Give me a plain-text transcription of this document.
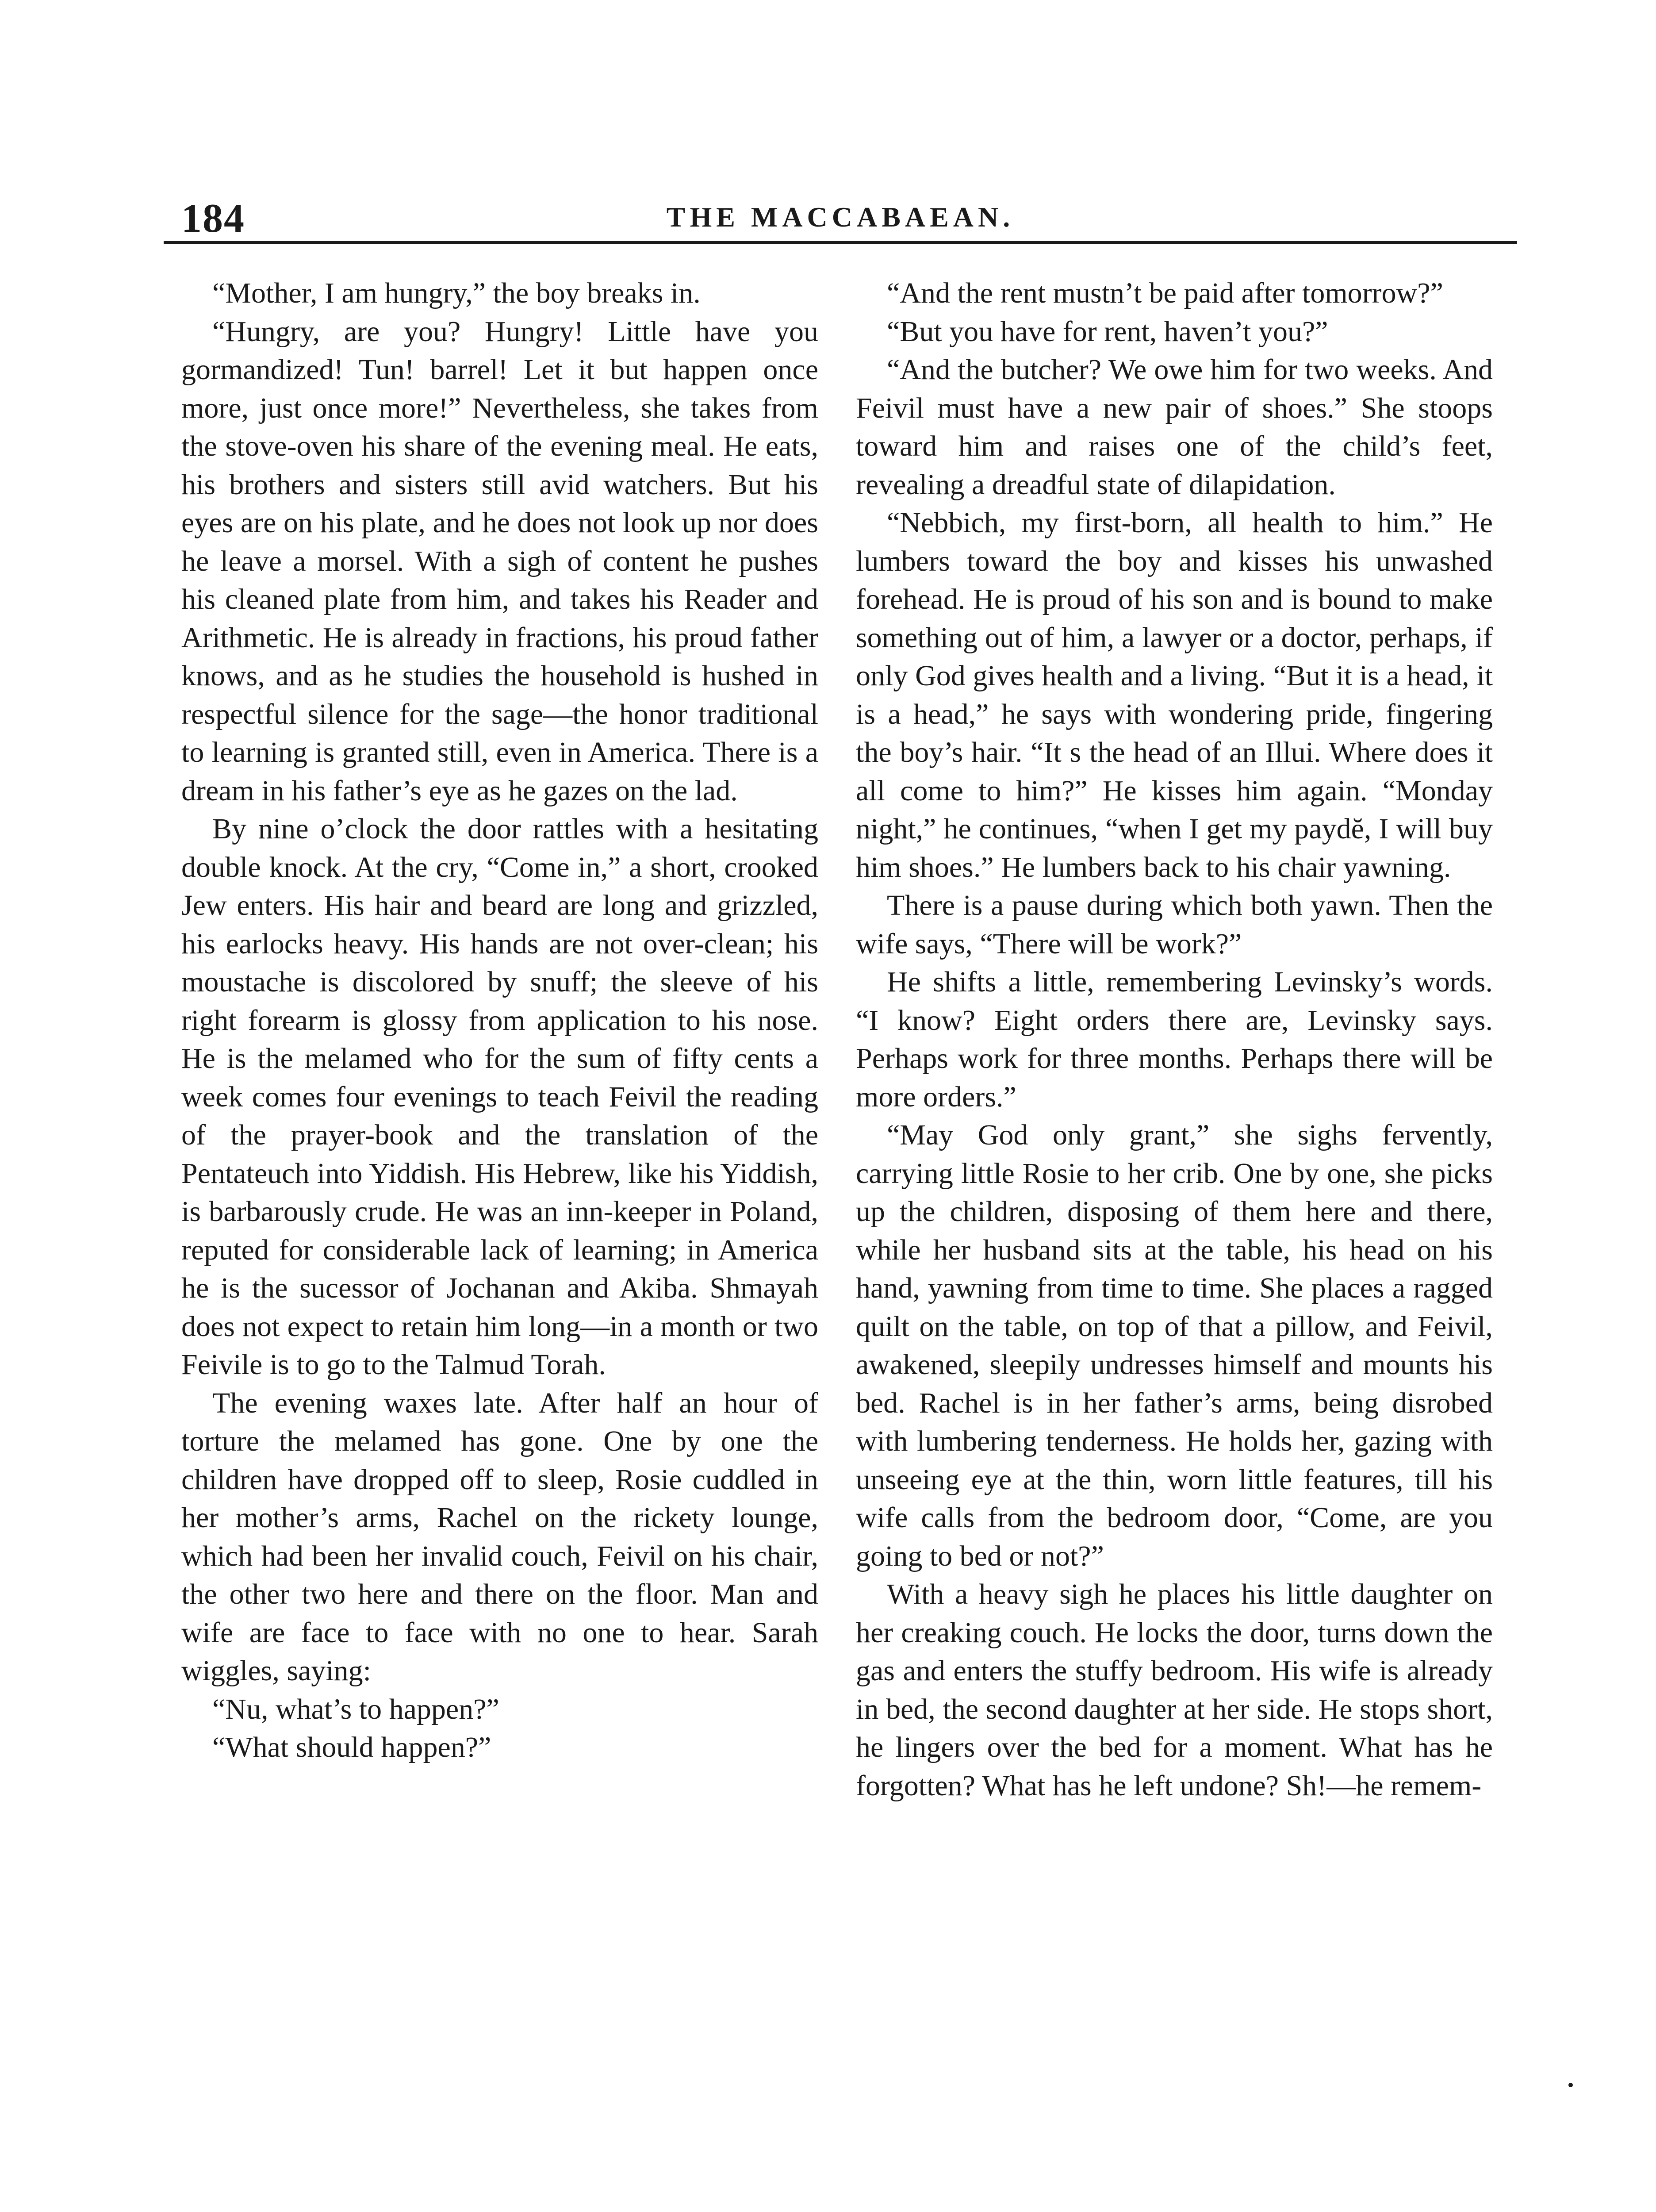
184	THE MACCABAEAN.

“Mother, I am hungry,” the boy breaks in.

“Hungry, are you? Hungry! Little have you gormandized! Tun! barrel! Let it but happen once more, just once more!” Nevertheless, she takes from the stove-oven his share of the evening meal. He eats, his brothers and sisters still avid watchers. But his eyes are on his plate, and he does not look up nor does he leave a morsel. With a sigh of content he pushes his cleaned plate from him, and takes his Reader and Arithmetic. He is already in fractions, his proud father knows, and as he studies the household is hushed in respectful silence for the sage—the honor traditional to learning is granted still, even in America. There is a dream in his father’s eye as he gazes on the lad.

By nine o’clock the door rattles with a hesitating double knock. At the cry, “Come in,” a short, crooked Jew enters. His hair and beard are long and grizzled, his earlocks heavy. His hands are not over-clean; his moustache is discolored by snuff; the sleeve of his right forearm is glossy from application to his nose. He is the melamed who for the sum of fifty cents a week comes four evenings to teach Feivil the reading of the prayer-book and the translation of the Pentateuch into Yiddish. His Hebrew, like his Yiddish, is barbarously crude. He was an inn-keeper in Poland, reputed for considerable lack of learning; in America he is the sucessor of Jochanan and Akiba. Shmayah does not expect to retain him long—in a month or two Feivile is to go to the Talmud Torah.

The evening waxes late. After half an hour of torture the melamed has gone. One by one the children have dropped off to sleep, Rosie cuddled in her mother’s arms, Rachel on the rickety lounge, which had been her invalid couch, Feivil on his chair, the other two here and there on the floor. Man and wife are face to face with no one to hear. Sarah wiggles, saying:

“Nu, what’s to happen?”

“What should happen?”

“And the rent mustn’t be paid after tomorrow?”

“But you have for rent, haven’t you?”

“And the butcher? We owe him for two weeks. And Feivil must have a new pair of shoes.” She stoops toward him and raises one of the child’s feet, revealing a dreadful state of dilapidation.

“Nebbich, my first-born, all health to him.” He lumbers toward the boy and kisses his unwashed forehead. He is proud of his son and is bound to make something out of him, a lawyer or a doctor, perhaps, if only God gives health and a living. “But it is a head, it is a head,” he says with wondering pride, fingering the boy’s hair. “It s the head of an Illui. Where does it all come to him?” He kisses him again. “Monday night,” he continues, “when I get my paydĕ, I will buy him shoes.” He lumbers back to his chair yawning.

There is a pause during which both yawn. Then the wife says, “There will be work?”

He shifts a little, remembering Levinsky’s words. “I know? Eight orders there are, Levinsky says. Perhaps work for three months. Perhaps there will be more orders.”

“May God only grant,” she sighs fervently, carrying little Rosie to her crib. One by one, she picks up the children, disposing of them here and there, while her husband sits at the table, his head on his hand, yawning from time to time. She places a ragged quilt on the table, on top of that a pillow, and Feivil, awakened, sleepily undresses himself and mounts his bed. Rachel is in her father’s arms, being disrobed with lumbering tenderness. He holds her, gazing with unseeing eye at the thin, worn little features, till his wife calls from the bedroom door, “Come, are you going to bed or not?”

With a heavy sigh he places his little daughter on her creaking couch. He locks the door, turns down the gas and enters the stuffy bedroom. His wife is already in bed, the second daughter at her side. He stops short, he lingers over the bed for a moment. What has he forgotten? What has he left undone? Sh!—he remem-
